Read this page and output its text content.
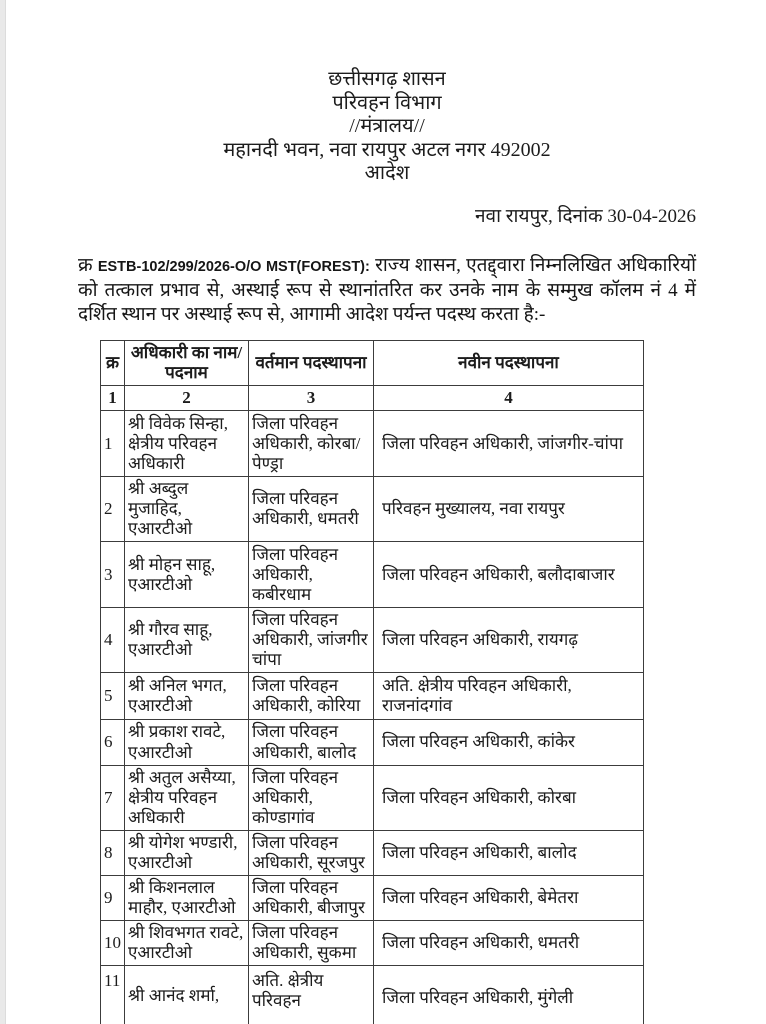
छत्तीसगढ़ शासन
परिवहन विभाग
//मंत्रालय//
महानदी भवन, नवा रायपुर अटल नगर 492002
आदेश
नवा रायपुर, दिनांक 30-04-2026
क्र ESTB-102/299/2026-O/O MST(FOREST): राज्य शासन, एतद्द्वारा निम्नलिखित अधिकारियों को तत्काल प्रभाव से, अस्थाई रूप से स्थानांतरित कर उनके नाम के सम्मुख कॉलम नं 4 में दर्शित स्थान पर अस्थाई रूप से, आगामी आदेश पर्यन्त पदस्थ करता है:-
क्र	अधिकारी का नाम/पदनाम	वर्तमान पदस्थापना	नवीन पदस्थापना
1	2	3	4
1	श्री विवेक सिन्हा, क्षेत्रीय परिवहन अधिकारी	जिला परिवहन अधिकारी, कोरबा/पेण्ड्रा	जिला परिवहन अधिकारी, जांजगीर-चांपा
2	श्री अब्दुल मुजाहिद, एआरटीओ	जिला परिवहन अधिकारी, धमतरी	परिवहन मुख्यालय, नवा रायपुर
3	श्री मोहन साहू, एआरटीओ	जिला परिवहन अधिकारी, कबीरधाम	जिला परिवहन अधिकारी, बलौदाबाजार
4	श्री गौरव साहू, एआरटीओ	जिला परिवहन अधिकारी, जांजगीर चांपा	जिला परिवहन अधिकारी, रायगढ़
5	श्री अनिल भगत, एआरटीओ	जिला परिवहन अधिकारी, कोरिया	अति. क्षेत्रीय परिवहन अधिकारी, राजनांदगांव
6	श्री प्रकाश रावटे, एआरटीओ	जिला परिवहन अधिकारी, बालोद	जिला परिवहन अधिकारी, कांकेर
7	श्री अतुल असैय्या, क्षेत्रीय परिवहन अधिकारी	जिला परिवहन अधिकारी, कोण्डागांव	जिला परिवहन अधिकारी, कोरबा
8	श्री योगेश भण्डारी, एआरटीओ	जिला परिवहन अधिकारी, सूरजपुर	जिला परिवहन अधिकारी, बालोद
9	श्री किशनलाल माहौर, एआरटीओ	जिला परिवहन अधिकारी, बीजापुर	जिला परिवहन अधिकारी, बेमेतरा
10	श्री शिवभगत रावटे, एआरटीओ	जिला परिवहन अधिकारी, सुकमा	जिला परिवहन अधिकारी, धमतरी
11	श्री आनंद शर्मा,	अति. क्षेत्रीय परिवहन	जिला परिवहन अधिकारी, मुंगेली
